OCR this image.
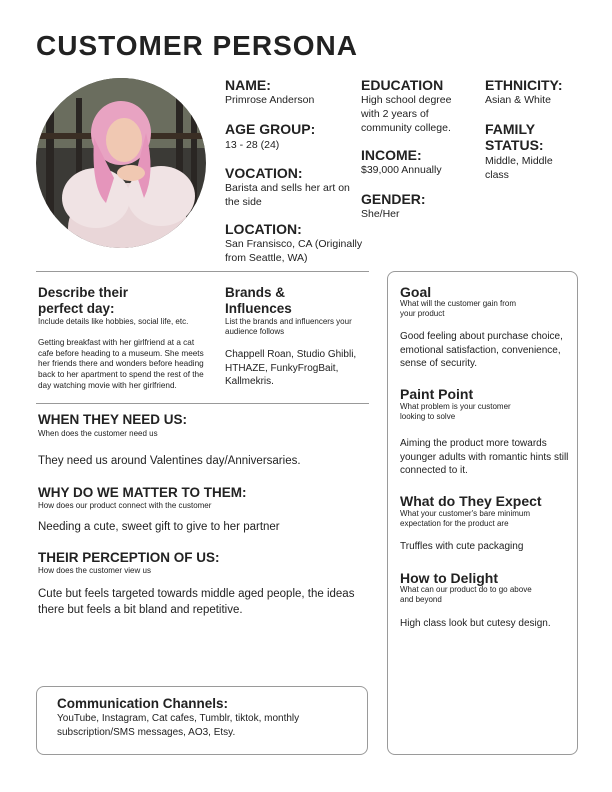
CUSTOMER PERSONA
NAME:
Primrose Anderson
AGE GROUP:
13 - 28 (24)
VOCATION:
Barista and sells her art on the side
LOCATION:
San Fransisco, CA (Originally from Seattle, WA)
EDUCATION
High school degree with 2 years of community college.
INCOME:
$39,000 Annually
GENDER:
She/Her
ETHNICITY:
Asian & White
FAMILY STATUS:
Middle, Middle class
Describe their perfect day:
Include details like hobbies, social life, etc.
Getting breakfast with her girlfriend at a cat cafe before heading to a museum. She meets her friends there and wonders before heading back to her apartment to spend the rest of the day watching movie with her girlfriend.
Brands & Influences
List the brands and influencers your audience follows
Chappell Roan, Studio Ghibli, HTHAZE, FunkyFrogBait, Kallmekris.
WHEN THEY NEED US:
When does the customer need us
They need us around Valentines day/Anniversaries.
WHY DO WE MATTER TO THEM:
How does our product connect with the customer
Needing a cute, sweet gift to give to her partner
THEIR PERCEPTION OF US:
How does the customer view us
Cute but feels targeted towards middle aged people, the ideas there but feels a bit bland and repetitive.
Goal
What will the customer gain from your product
Good feeling about purchase choice, emotional satisfaction, convenience, sense of security.
Paint Point
What problem is your customer looking to solve
Aiming the product more towards younger adults with romantic hints still connected to it.
What do They Expect
What your customer's bare minimum expectation for the product are
Truffles with cute packaging
How to Delight
What can our product do to go above and beyond
High class look but cutesy design.
Communication Channels:
YouTube, Instagram, Cat cafes, Tumblr, tiktok, monthly subscription/SMS messages, AO3, Etsy.
